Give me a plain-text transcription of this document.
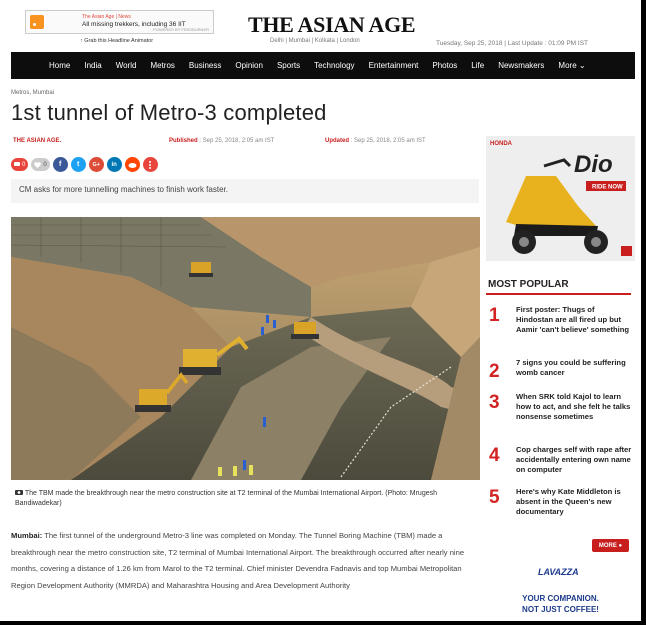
The Asian Age | News
All missing trekkers, including 36 IIT
POWERED BY FEEDBURNER
↑ Grab this Headline Animator
THE ASIAN AGE
Delhi | Mumbai | Kolkata | London	Tuesday, Sep 25, 2018 | Last Update : 01:09 PM IST
Home India World Metros Business Opinion Sports Technology Entertainment Photos Life Newsmakers More ⌄
Metros, Mumbai
1st tunnel of Metro-3 completed
THE ASIAN AGE.	Published : Sep 25, 2018, 2:05 am IST	Updated : Sep 25, 2018, 2:05 am IST
0	0	f	t	G+	in
CM asks for more tunnelling machines to finish work faster.
The TBM made the breakthrough near the metro construction site at T2 terminal of the Mumbai International Airport. (Photo: Mrugesh Bandiwadekar)
Mumbai: The first tunnel of the underground Metro-3 line was completed on Monday. The Tunnel Boring Machine (TBM) made a breakthrough near the metro construction site, T2 terminal of Mumbai International Airport. The breakthrough occurred after nearly nine months, covering a distance of 1.26 km from Marol to the T2 terminal. Chief minister Devendra Fadnavis and top Mumbai Metropolitan Region Development Authority (MMRDA) and Maharashtra Housing and Area Development Authority
HONDA
Dio
RIDE NOW
MOST POPULAR
1 First poster: Thugs of Hindostan are all fired up but Aamir 'can't believe' something
2 7 signs you could be suffering womb cancer
3 When SRK told Kajol to learn how to act, and she felt he talks nonsense sometimes
4 Cop charges self with rape after accidentally entering own name on computer
5 Here's why Kate Middleton is absent in the Queen's new documentary
MORE ●
LAVAZZA
YOUR COMPANION.
NOT JUST COFFEE!
